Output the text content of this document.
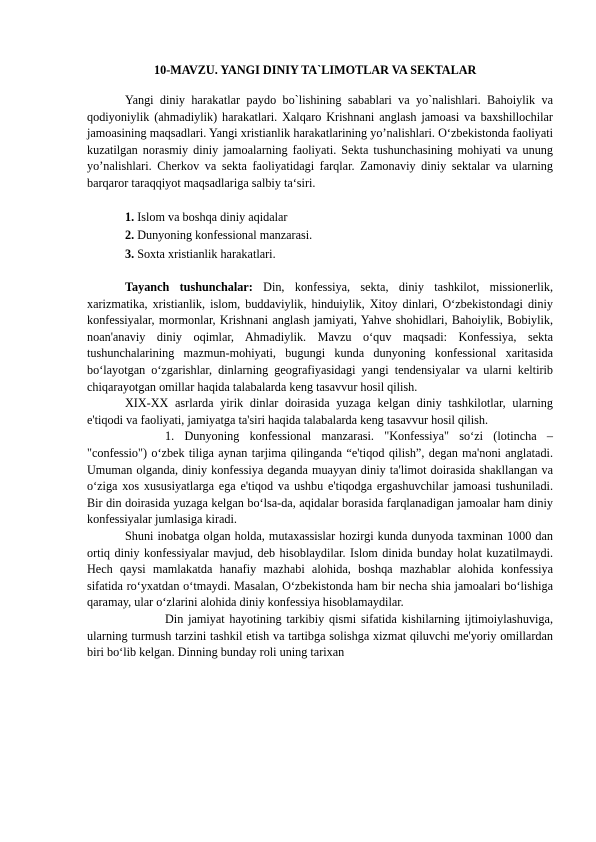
10-MAVZU. YANGI DINIY TA`LIMOTLAR VA SEKTALAR

Yangi diniy harakatlar paydo bo`lishining sabablari va yo`nalishlari. Bahoiylik va qodiyoniylik (ahmadiylik) harakatlari. Xalqaro Krishnani anglash jamoasi va baxshillochilar jamoasining maqsadlari. Yangi xristianlik harakatlarining yo’nalishlari. O‘zbekistonda faoliyati kuzatilgan norasmiy diniy jamoalarning faoliyati. Sekta tushunchasining mohiyati va unung yo’nalishlari. Cherkov va sekta faoliyatidagi farqlar. Zamonaviy diniy sektalar va ularning barqaror taraqqiyot maqsadlariga salbiy ta‘siri.

1. Islom va boshqa diniy aqidalar
2. Dunyoning konfessional manzarasi.
3. Soxta xristianlik harakatlari.

Tayanch tushunchalar: Din, konfessiya, sekta, diniy tashkilot, missionerlik, xarizmatika, xristianlik, islom, buddaviylik, hinduiylik, Xitoy dinlari, O‘zbekistondagi diniy konfessiyalar, mormonlar, Krishnani anglash jamiyati, Yahve shohidlari, Bahoiylik, Bobiylik, noan'anaviy diniy oqimlar, Ahmadiylik. Mavzu o‘quv maqsadi: Konfessiya, sekta tushunchalarining mazmun-mohiyati, bugungi kunda dunyoning konfessional xaritasida bo‘layotgan o‘zgarishlar, dinlarning geografiyasidagi yangi tendensiyalar va ularni keltirib chiqarayotgan omillar haqida talabalarda keng tasavvur hosil qilish.

XIX-XX asrlarda yirik dinlar doirasida yuzaga kelgan diniy tashkilotlar, ularning e'tiqodi va faoliyati, jamiyatga ta'siri haqida talabalarda keng tasavvur hosil qilish.

1. Dunyoning konfessional manzarasi. "Konfessiya" so‘zi (lotincha – "confessio") o‘zbek tiliga aynan tarjima qilinganda “e'tiqod qilish”, degan ma'noni anglatadi. Umuman olganda, diniy konfessiya deganda muayyan diniy ta'limot doirasida shakllangan va o‘ziga xos xususiyatlarga ega e'tiqod va ushbu e'tiqodga ergashuvchilar jamoasi tushuniladi. Bir din doirasida yuzaga kelgan bo‘lsa-da, aqidalar borasida farqlanadigan jamoalar ham diniy konfessiyalar jumlasiga kiradi.

Shuni inobatga olgan holda, mutaxassislar hozirgi kunda dunyoda taxminan 1000 dan ortiq diniy konfessiyalar mavjud, deb hisoblaydilar. Islom dinida bunday holat kuzatilmaydi. Hech qaysi mamlakatda hanafiy mazhabi alohida, boshqa mazhablar alohida konfessiya sifatida ro‘yxatdan o‘tmaydi. Masalan, O‘zbekistonda ham bir necha shia jamoalari bo‘lishiga qaramay, ular o‘zlarini alohida diniy konfessiya hisoblamaydilar.

Din jamiyat hayotining tarkibiy qismi sifatida kishilarning ijtimoiylashuviga, ularning turmush tarzini tashkil etish va tartibga solishga xizmat qiluvchi me'yoriy omillardan biri bo‘lib kelgan. Dinning bunday roli uning tarixan
